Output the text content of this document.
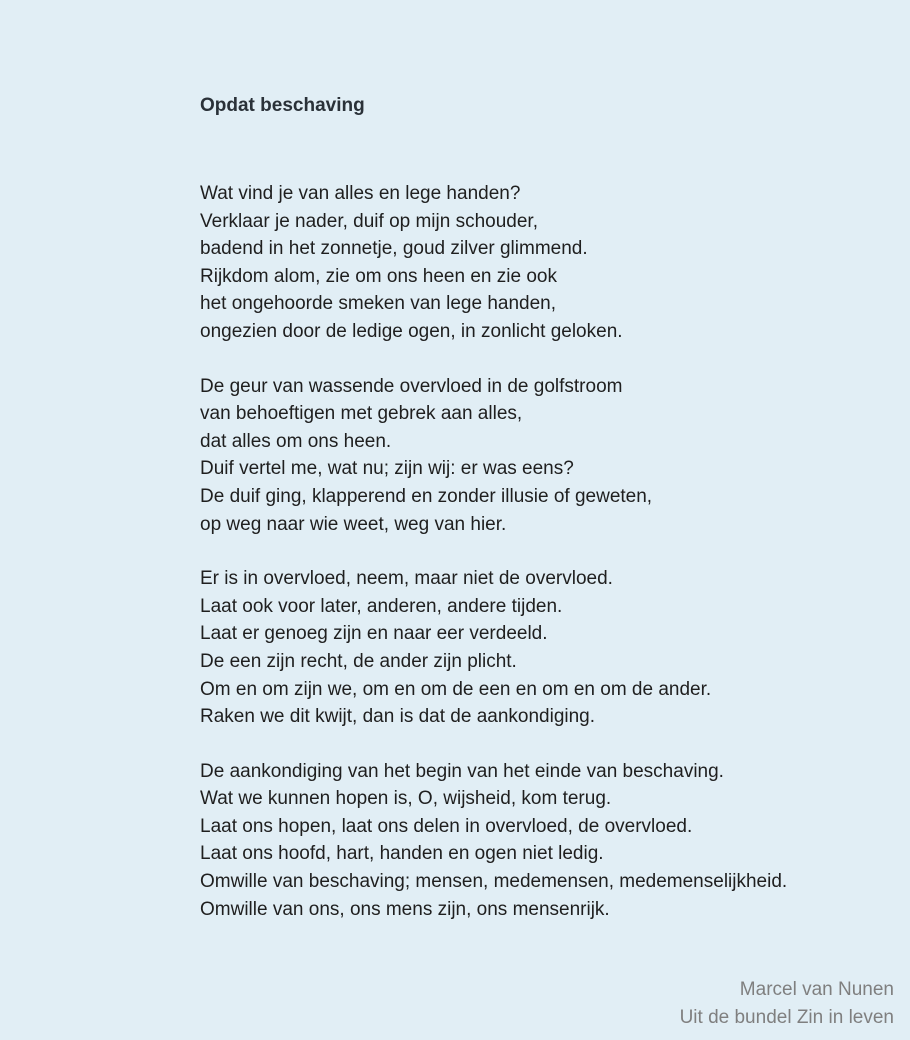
Opdat beschaving
Wat vind je van alles en lege handen?
Verklaar je nader, duif op mijn schouder,
badend in het zonnetje, goud zilver glimmend.
Rijkdom alom, zie om ons heen en zie ook
het ongehoorde smeken van lege handen,
ongezien door de ledige ogen, in zonlicht geloken.
De geur van wassende overvloed in de golfstroom
van behoeftigen met gebrek aan alles,
dat alles om ons heen.
Duif vertel me, wat nu; zijn wij: er was eens?
De duif ging, klapperend en zonder illusie of geweten,
op weg naar wie weet, weg van hier.
Er is in overvloed, neem, maar niet de overvloed.
Laat ook voor later, anderen, andere tijden.
Laat er genoeg zijn en naar eer verdeeld.
De een zijn recht, de ander zijn plicht.
Om en om zijn we, om en om de een en om en om de ander.
Raken we dit kwijt, dan is dat de aankondiging.
De aankondiging van het begin van het einde van beschaving.
Wat we kunnen hopen is, O, wijsheid, kom terug.
Laat ons hopen, laat ons delen in overvloed, de overvloed.
Laat ons hoofd, hart, handen en ogen niet ledig.
Omwille van beschaving; mensen, medemensen, medemenselijkheid.
Omwille van ons, ons mens zijn, ons mensenrijk.
Marcel van Nunen
Uit de bundel Zin in leven
